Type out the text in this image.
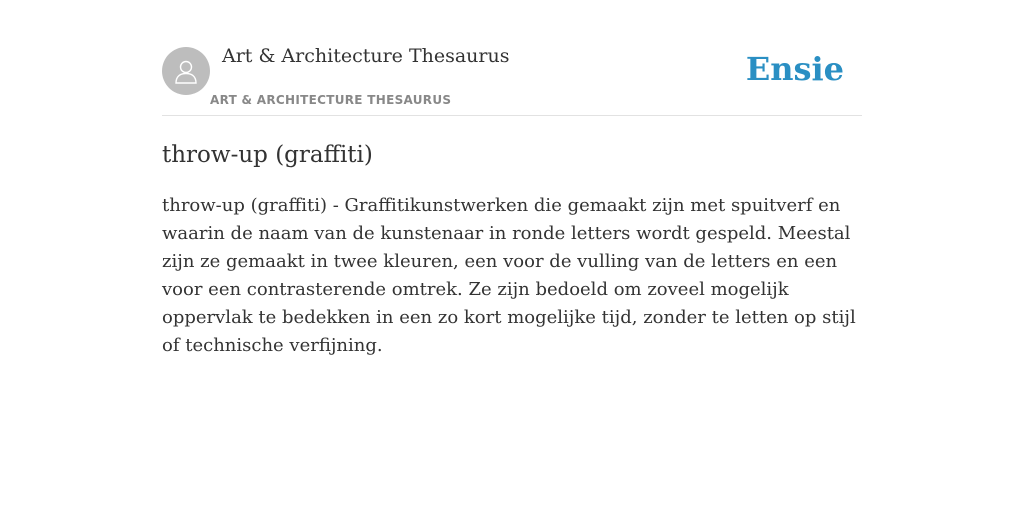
Art & Architecture Thesaurus
ART & ARCHITECTURE THESAURUS
Ensie
throw-up (graffiti)

throw-up (graffiti) - Graffitikunstwerken die gemaakt zijn met spuitverf en waarin de naam van de kunstenaar in ronde letters wordt gespeld. Meestal zijn ze gemaakt in twee kleuren, een voor de vulling van de letters en een voor een contrasterende omtrek. Ze zijn bedoeld om zoveel mogelijk oppervlak te bedekken in een zo kort mogelijke tijd, zonder te letten op stijl of technische verfijning.
